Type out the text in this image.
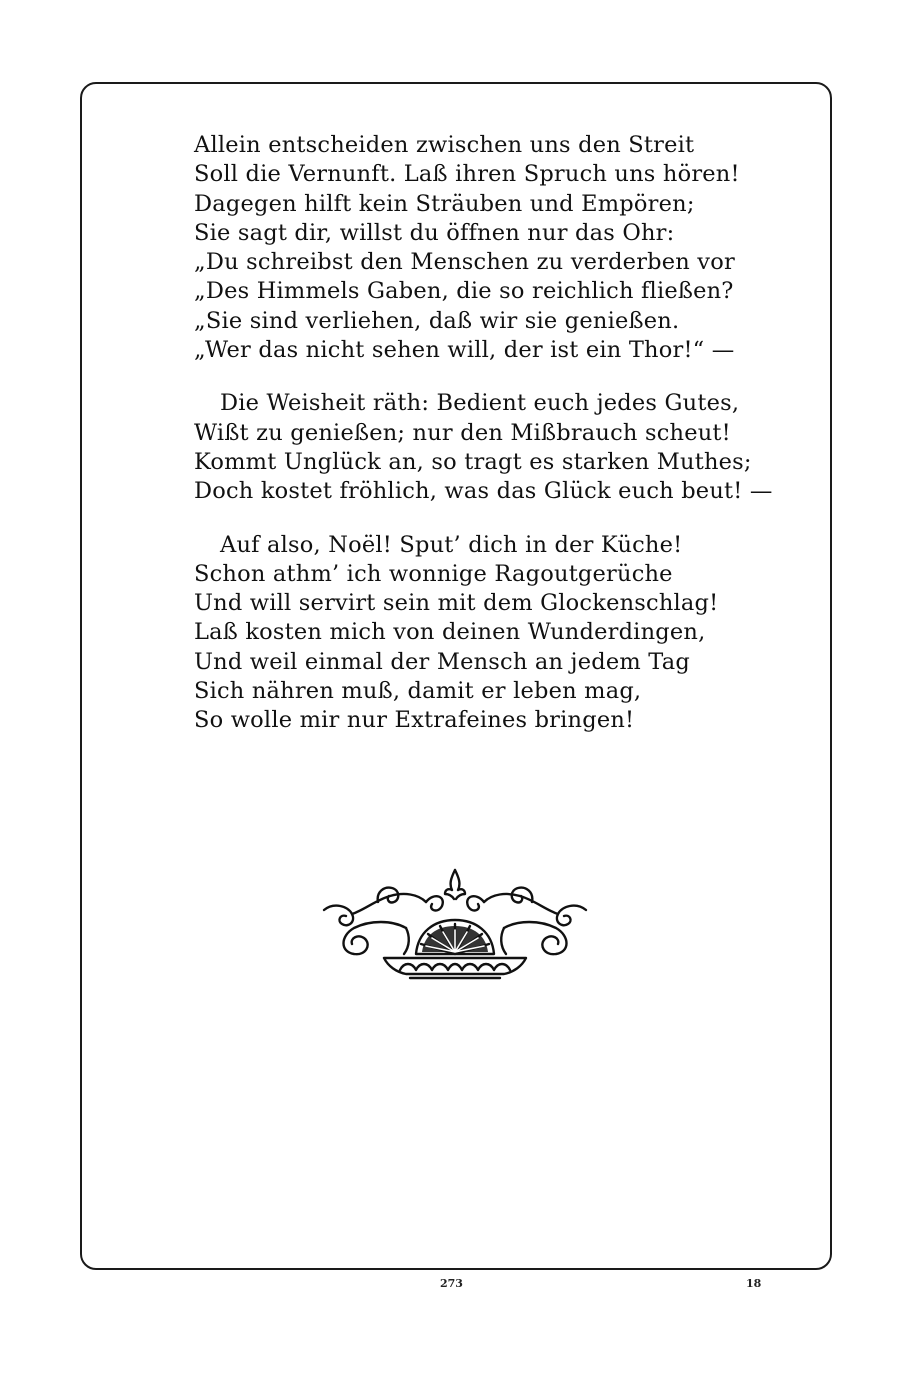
Allein entscheiden zwischen uns den Streit
Soll die Vernunft. Laß ihren Spruch uns hören!
Dagegen hilft kein Sträuben und Empören;
Sie sagt dir, willst du öffnen nur das Ohr:
„Du schreibst den Menschen zu verderben vor
„Des Himmels Gaben, die so reichlich fließen?
„Sie sind verliehen, daß wir sie genießen.
„Wer das nicht sehen will, der ist ein Thor!“ —
Die Weisheit räth: Bedient euch jedes Gutes,
Wißt zu genießen; nur den Mißbrauch scheut!
Kommt Unglück an, so tragt es starken Muthes;
Doch kostet fröhlich, was das Glück euch beut! —
Auf also, Noël! Sput’ dich in der Küche!
Schon athm’ ich wonnige Ragoutgerüche
Und will servirt sein mit dem Glockenschlag!
Laß kosten mich von deinen Wunderdingen,
Und weil einmal der Mensch an jedem Tag
Sich nähren muß, damit er leben mag,
So wolle mir nur Extrafeines bringen!
273	18
